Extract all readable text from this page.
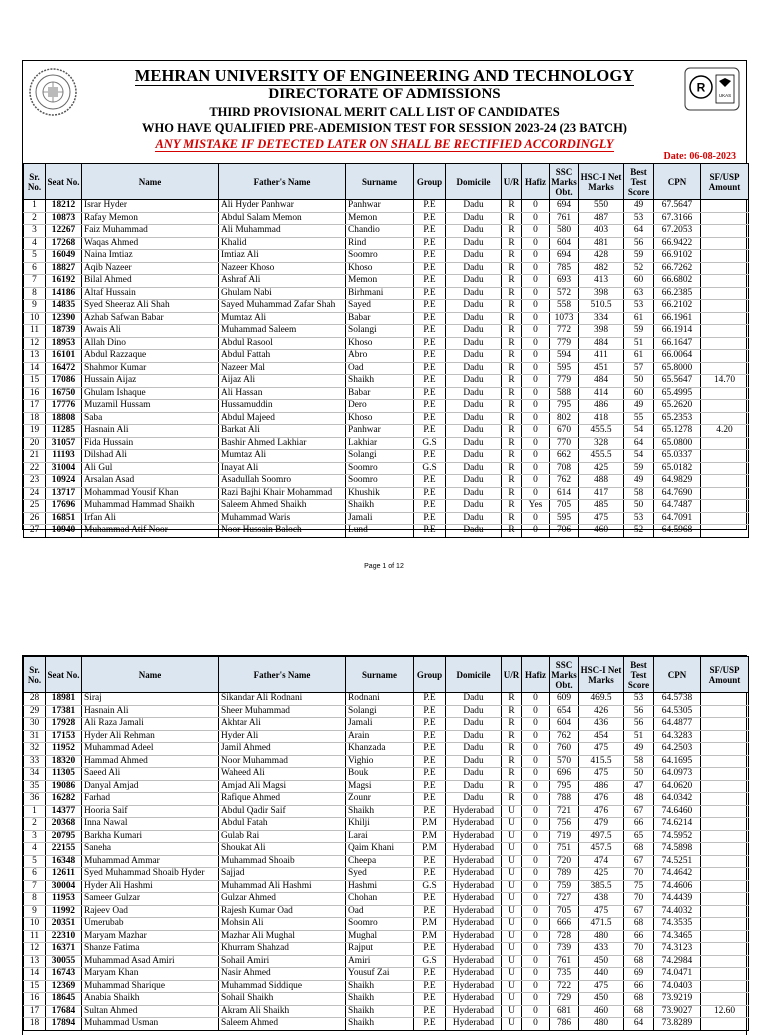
R
UKAS
MEHRAN UNIVERSITY OF ENGINEERING AND TECHNOLOGY
DIRECTORATE OF ADMISSIONS
THIRD PROVISIONAL MERIT CALL LIST OF CANDIDATES
WHO HAVE QUALIFIED PRE-ADEMISION TEST FOR SESSION 2023-24 (23 BATCH)
ANY MISTAKE IF DETECTED LATER ON SHALL BE RECTIFIED ACCORDINGLY
Date: 06-08-2023
Sr. No.	Seat No.	Name	Father's Name	Surname	Group	Domicile	U/R	Hafiz	SSC Marks Obt.	HSC-I Net Marks	Best Test Score	CPN	SF/USP Amount
1	18212	Israr Hyder	Ali Hyder Panhwar	Panhwar	P.E	Dadu	R	0	694	550	49	67.5647	
2	10873	Rafay Memon	Abdul Salam Memon	Memon	P.E	Dadu	R	0	761	487	53	67.3166	
3	12267	Faiz Muhammad	Ali Muhammad	Chandio	P.E	Dadu	R	0	580	403	64	67.2053	
4	17268	Waqas Ahmed	Khalid	Rind	P.E	Dadu	R	0	604	481	56	66.9422	
5	16049	Naina Imtiaz	Imtiaz Ali	Soomro	P.E	Dadu	R	0	694	428	59	66.9102	
6	18827	Aqib Nazeer	Nazeer Khoso	Khoso	P.E	Dadu	R	0	785	482	52	66.7262	
7	16192	Bilal Ahmed	Ashraf Ali	Memon	P.E	Dadu	R	0	693	413	60	66.6802	
8	14186	Altaf Hussain	Ghulam Nabi	Birhmani	P.E	Dadu	R	0	572	398	63	66.2385	
9	14835	Syed Sheeraz Ali Shah	Sayed Muhammad Zafar Shah	Sayed	P.E	Dadu	R	0	558	510.5	53	66.2102	
10	12390	Azhab Safwan Babar	Mumtaz Ali	Babar	P.E	Dadu	R	0	1073	334	61	66.1961	
11	18739	Awais Ali	Muhammad Saleem	Solangi	P.E	Dadu	R	0	772	398	59	66.1914	
12	18953	Allah Dino	Abdul Rasool	Khoso	P.E	Dadu	R	0	779	484	51	66.1647	
13	16101	Abdul Razzaque	Abdul Fattah	Abro	P.E	Dadu	R	0	594	411	61	66.0064	
14	16472	Shahmor Kumar	Nazeer Mal	Oad	P.E	Dadu	R	0	595	451	57	65.8000	
15	17086	Hussain Aijaz	Aijaz Ali	Shaikh	P.E	Dadu	R	0	779	484	50	65.5647	14.70
16	16750	Ghulam Ishaque	Ali Hassan	Babar	P.E	Dadu	R	0	588	414	60	65.4995	
17	17776	Muzamil Hussam	Hussamuddin	Dero	P.E	Dadu	R	0	795	486	49	65.2620	
18	18808	Saba	Abdul Majeed	Khoso	P.E	Dadu	R	0	802	418	55	65.2353	
19	11285	Hasnain Ali	Barkat Ali	Panhwar	P.E	Dadu	R	0	670	455.5	54	65.1278	4.20
20	31057	Fida Hussain	Bashir Ahmed Lakhiar	Lakhiar	G.S	Dadu	R	0	770	328	64	65.0800	
21	11193	Dilshad Ali	Mumtaz Ali	Solangi	P.E	Dadu	R	0	662	455.5	54	65.0337	
22	31004	Ali Gul	Inayat Ali	Soomro	G.S	Dadu	R	0	708	425	59	65.0182	
23	10924	Arsalan Asad	Asadullah Soomro	Soomro	P.E	Dadu	R	0	762	488	49	64.9829	
24	13717	Mohammad Yousif Khan	Razi Bajhi Khair Mohammad	Khushik	P.E	Dadu	R	0	614	417	58	64.7690	
25	17696	Muhammad Hammad Shaikh	Saleem Ahmed Shaikh	Shaikh	P.E	Dadu	R	Yes	705	485	50	64.7487	
26	16851	Irfan Ali	Muhammad Waris	Jamali	P.E	Dadu	R	0	595	475	53	64.7091	
27	10940	Muhammad Atif Noor	Noor Hussain Baloch	Lund	P.E	Dadu	R	0	706	460	52	64.5968	
Page 1 of 12
Sr. No.	Seat No.	Name	Father's Name	Surname	Group	Domicile	U/R	Hafiz	SSC Marks Obt.	HSC-I Net Marks	Best Test Score	CPN	SF/USP Amount
28	18981	Siraj	Sikandar Ali Rodnani	Rodnani	P.E	Dadu	R	0	609	469.5	53	64.5738	
29	17381	Hasnain Ali	Sheer Muhammad	Solangi	P.E	Dadu	R	0	654	426	56	64.5305	
30	17928	Ali Raza Jamali	Akhtar Ali	Jamali	P.E	Dadu	R	0	604	436	56	64.4877	
31	17153	Hyder Ali Rehman	Hyder Ali	Arain	P.E	Dadu	R	0	762	454	51	64.3283	
32	11952	Muhammad Adeel	Jamil Ahmed	Khanzada	P.E	Dadu	R	0	760	475	49	64.2503	
33	18320	Hammad Ahmed	Noor Muhammad	Vighio	P.E	Dadu	R	0	570	415.5	58	64.1695	
34	11305	Saeed Ali	Waheed Ali	Bouk	P.E	Dadu	R	0	696	475	50	64.0973	
35	19086	Danyal Amjad	Amjad Ali Magsi	Magsi	P.E	Dadu	R	0	795	486	47	64.0620	
36	16282	Farhad	Rafique Ahmed	Zounr	P.E	Dadu	R	0	788	476	48	64.0342	
1	14377	Hooria Saif	Abdul Qadir Saif	Shaikh	P.E	Hyderabad	U	0	721	476	67	74.6460	
2	20368	Inna Nawal	Abdul Fatah	Khilji	P.M	Hyderabad	U	0	756	479	66	74.6214	
3	20795	Barkha Kumari	Gulab Rai	Larai	P.M	Hyderabad	U	0	719	497.5	65	74.5952	
4	22155	Saneha	Shoukat Ali	Qaim Khani	P.M	Hyderabad	U	0	751	457.5	68	74.5898	
5	16348	Muhammad Ammar	Muhammad Shoaib	Cheepa	P.E	Hyderabad	U	0	720	474	67	74.5251	
6	12611	Syed Muhammad Shoaib Hyder	Sajjad	Syed	P.E	Hyderabad	U	0	789	425	70	74.4642	
7	30004	Hyder Ali Hashmi	Muhammad Ali Hashmi	Hashmi	G.S	Hyderabad	U	0	759	385.5	75	74.4606	
8	11953	Sameer Gulzar	Gulzar Ahmed	Chohan	P.E	Hyderabad	U	0	727	438	70	74.4439	
9	11992	Rajeev Oad	Rajesh Kumar Oad	Oad	P.E	Hyderabad	U	0	705	475	67	74.4032	
10	20351	Umerubab	Mohsin Ali	Soomro	P.M	Hyderabad	U	0	666	471.5	68	74.3535	
11	22310	Maryam Mazhar	Mazhar Ali Mughal	Mughal	P.M	Hyderabad	U	0	728	480	66	74.3465	
12	16371	Shanze Fatima	Khurram Shahzad	Rajput	P.E	Hyderabad	U	0	739	433	70	74.3123	
13	30055	Muhammad Asad Amiri	Sohail Amiri	Amiri	G.S	Hyderabad	U	0	761	450	68	74.2984	
14	16743	Maryam Khan	Nasir Ahmed	Yousuf Zai	P.E	Hyderabad	U	0	735	440	69	74.0471	
15	12369	Muhammad Sharique	Muhammad Siddique	Shaikh	P.E	Hyderabad	U	0	722	475	66	74.0403	
16	18645	Anabia Shaikh	Sohail Shaikh	Shaikh	P.E	Hyderabad	U	0	729	450	68	73.9219	
17	17684	Sultan Ahmed	Akram Ali Shaikh	Shaikh	P.E	Hyderabad	U	0	681	460	68	73.9027	12.60
18	17894	Muhammad Usman	Saleem Ahmed	Shaikh	P.E	Hyderabad	U	0	786	480	64	73.8289	
